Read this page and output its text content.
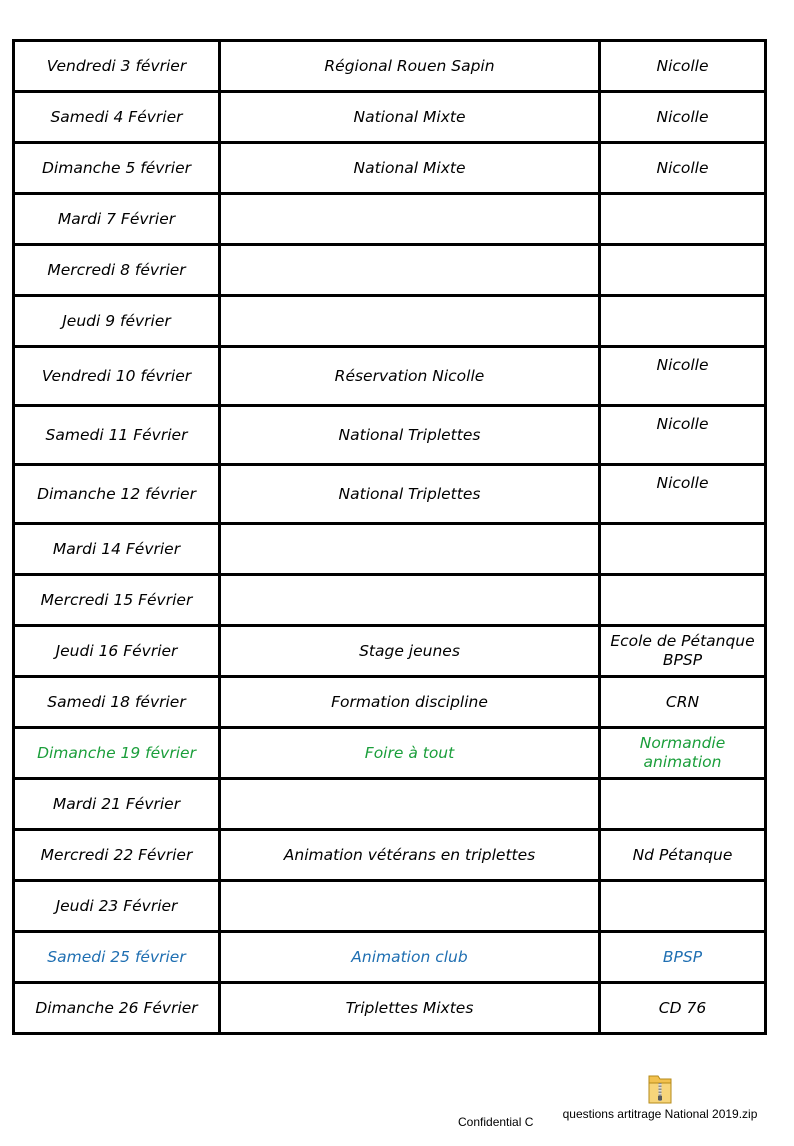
Vendredi 3 février	Régional Rouen Sapin	Nicolle
Samedi 4 Février	National Mixte	Nicolle
Dimanche 5 février	National Mixte	Nicolle
Mardi 7 Février		
Mercredi 8 février		
Jeudi 9 février		
Vendredi 10 février	Réservation Nicolle	Nicolle
Samedi 11 Février	National Triplettes	Nicolle
Dimanche 12 février	National Triplettes	Nicolle
Mardi 14 Février		
Mercredi 15 Février		
Jeudi 16 Février	Stage jeunes	Ecole de Pétanque BPSP
Samedi 18 février	Formation discipline	CRN
Dimanche 19 février	Foire à tout	Normandie animation
Mardi 21 Février		
Mercredi 22 Février	Animation vétérans en triplettes	Nd Pétanque
Jeudi 23 Février		
Samedi 25 février	Animation club	BPSP
Dimanche 26 Février	Triplettes Mixtes	CD 76
Confidential C
questions artitrage National 2019.zip
